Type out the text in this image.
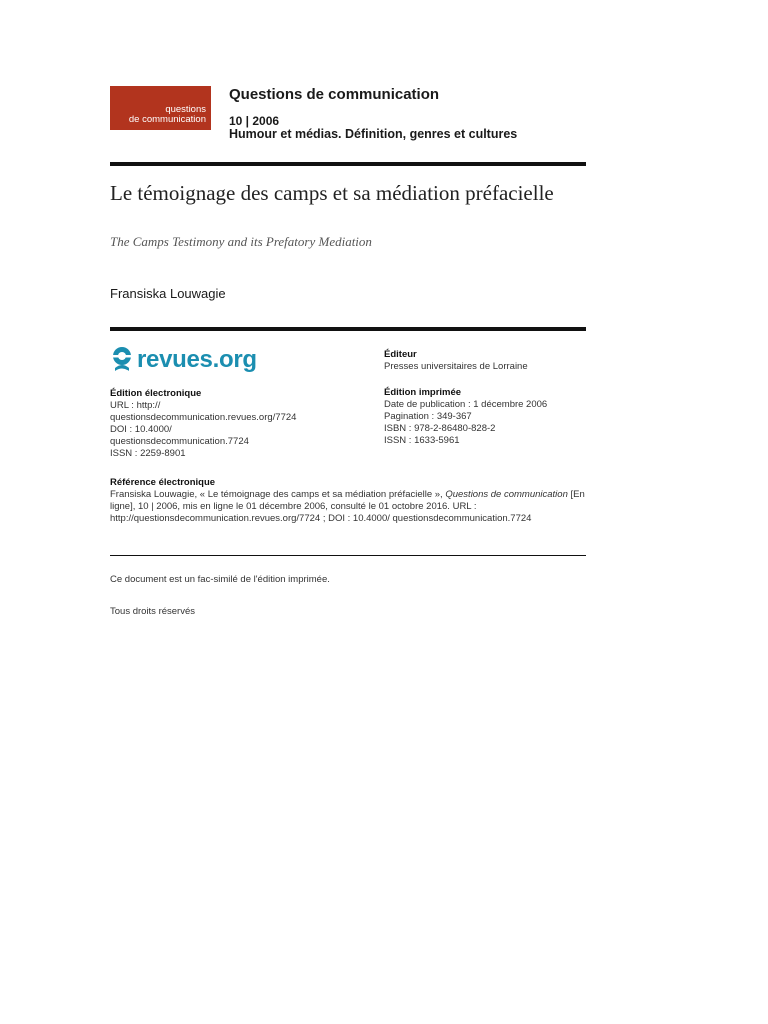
questions
de communication
Questions de communication
10 | 2006
Humour et médias. Définition, genres et cultures
Le témoignage des camps et sa médiation préfacielle
The Camps Testimony and its Prefatory Mediation
Fransiska Louwagie
revues.org
Édition électronique
URL : http://
questionsdecommunication.revues.org/7724
DOI : 10.4000/
questionsdecommunication.7724
ISSN : 2259-8901
Éditeur
Presses universitaires de Lorraine
Édition imprimée
Date de publication : 1 décembre 2006
Pagination : 349-367
ISBN : 978-2-86480-828-2
ISSN : 1633-5961
Référence électronique
Fransiska Louwagie, « Le témoignage des camps et sa médiation préfacielle », Questions de communication [En ligne], 10 | 2006, mis en ligne le 01 décembre 2006, consulté le 01 octobre 2016. URL : http://questionsdecommunication.revues.org/7724 ; DOI : 10.4000/ questionsdecommunication.7724
Ce document est un fac-similé de l'édition imprimée.
Tous droits réservés
